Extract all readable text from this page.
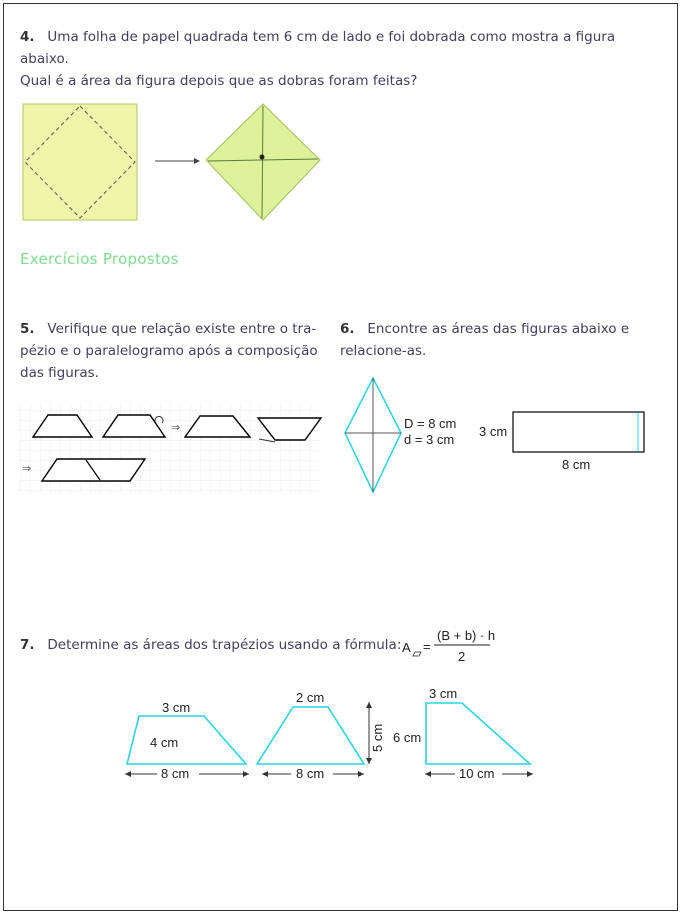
4. Uma folha de papel quadrada tem 6 cm de lado e foi dobrada como mostra a figura abaixo.
Qual é a área da figura depois que as dobras foram feitas?
Exercícios Propostos
5. Verifique que relação existe entre o tra-
pézio e o paralelogramo após a composição
das figuras.
6. Encontre as áreas das figuras abaixo e
relacione-as.
⇒
⇒
D = 8 cm
d = 3 cm
3 cm
8 cm
7. Determine as áreas dos trapézios usando a fórmula: A =
(B + b) · h
2
3 cm
4 cm
8 cm
2 cm
5 cm
8 cm
3 cm
6 cm
10 cm
